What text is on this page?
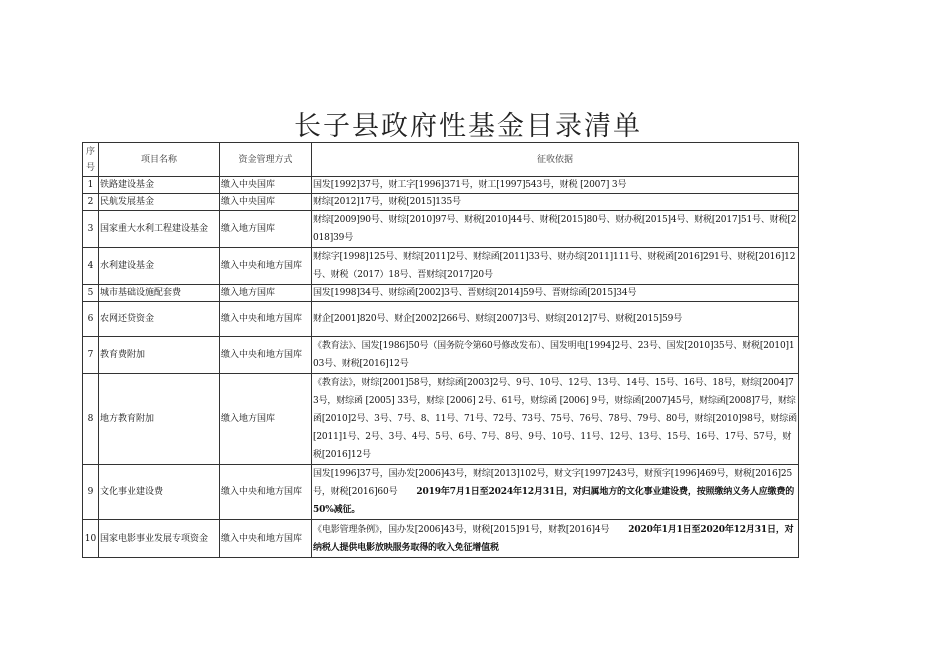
长子县政府性基金目录清单
序号	项目名称	资金管理方式	征收依据
1	铁路建设基金	缴入中央国库	国发[1992]37号，财工字[1996]371号，财工[1997]543号，财税 [2007] 3号
2	民航发展基金	缴入中央国库	财综[2012]17号，财税[2015]135号
3	国家重大水利工程建设基金	缴入地方国库	财综[2009]90号、财综[2010]97号、财税[2010]44号、财税[2015]80号、财办税[2015]4号、财税[2017]51号、财税[2018]39号
4	水利建设基金	缴入中央和地方国库	财综字[1998]125号、财综[2011]2号、财综函[2011]33号、财办综[2011]111号、财税函[2016]291号、财税[2016]12号、财税（2017）18号、晋财综[2017]20号
5	城市基础设施配套费	缴入地方国库	国发[1998]34号、财综函[2002]3号、晋财综[2014]59号、晋财综函[2015]34号
6	农网还贷资金	缴入中央和地方国库	财企[2001]820号、财企[2002]266号、财综[2007]3号、财综[2012]7号、财税[2015]59号
7	教育费附加	缴入中央和地方国库	《教育法》、国发[1986]50号（国务院令第60号修改发布）、国发明电[1994]2号、23号、国发[2010]35号、财税[2010]103号、财税[2016]12号
8	地方教育附加	缴入地方国库	《教育法》，财综[2001]58号，财综函[2003]2号、9号、10号、12号、13号、14号、15号、16号、18号，财综[2004]73号，财综函 [2005] 33号，财综 [2006] 2号、61号，财综函 [2006] 9号，财综函[2007]45号，财综函[2008]7号，财综函[2010]2号、3号、7号、8、11号、71号、72号、73号、75号、76号、78号、79号、80号，财综[2010]98号，财综函[2011]1号、2号、3号、4号、5号、6号、7号、8号、9号、10号、11号、12号、13号、15号、16号、17号、57号，财税[2016]12号
9	文化事业建设费	缴入中央和地方国库	国发[1996]37号，国办发[2006]43号，财综[2013]102号，财文字[1997]243号，财预字[1996]469号，财税[2016]25号，财税[2016]60号 2019年7月1日至2024年12月31日，对归属地方的文化事业建设费，按照缴纳义务人应缴费的50%减征。
10	国家电影事业发展专项资金	缴入中央和地方国库	《电影管理条例》，国办发[2006]43号，财税[2015]91号，财教[2016]4号 2020年1月1日至2020年12月31日，对纳税人提供电影放映服务取得的收入免征增值税
